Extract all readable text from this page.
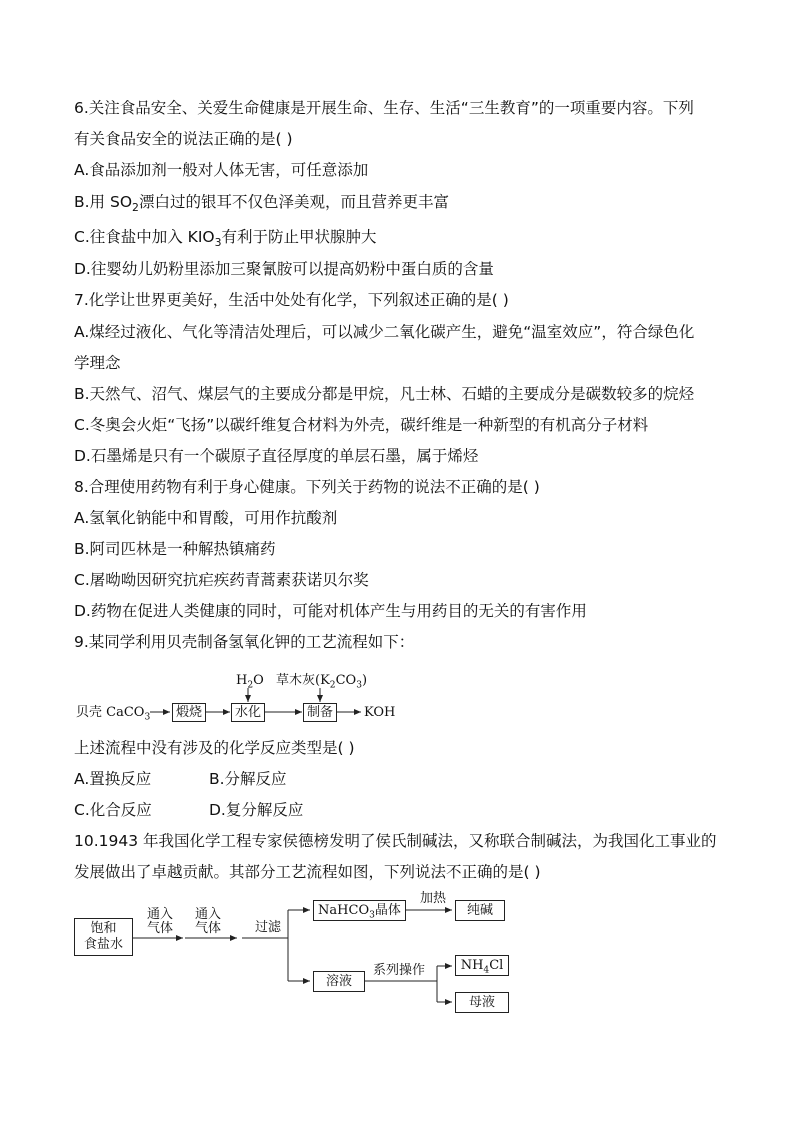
6.关注食品安全、关爱生命健康是开展生命、生存、生活“三生教育”的一项重要内容。下列
有关食品安全的说法正确的是( )
A.食品添加剂一般对人体无害，可任意添加
B.用 $SO_2$漂白过的银耳不仅色泽美观，而且营养更丰富
C.往食盐中加入 $KIO_3$有利于防止甲状腺肿大
D.往婴幼儿奶粉里添加三聚氰胺可以提高奶粉中蛋白质的含量
7.化学让世界更美好，生活中处处有化学，下列叙述正确的是( )
A.煤经过液化、气化等清洁处理后，可以减少二氧化碳产生，避免“温室效应”，符合绿色化
学理念
B.天然气、沼气、煤层气的主要成分都是甲烷，凡士林、石蜡的主要成分是碳数较多的烷烃
C.冬奥会火炬“飞扬”以碳纤维复合材料为外壳，碳纤维是一种新型的有机高分子材料
D.石墨烯是只有一个碳原子直径厚度的单层石墨，属于烯烃
8.合理使用药物有利于身心健康。下列关于药物的说法不正确的是( )
A.氢氧化钠能中和胃酸，可用作抗酸剂
B.阿司匹林是一种解热镇痛药
C.屠呦呦因研究抗疟疾药青蒿素获诺贝尔奖
D.药物在促进人类健康的同时，可能对机体产生与用药目的无关的有害作用
9.某同学利用贝壳制备氢氧化钾的工艺流程如下：
贝壳 CaCO$_3$	煅烧	水化	制备	KOH
$H_2O$ 草木灰$(K_2CO_3)$
上述流程中没有涉及的化学反应类型是( )
A.置换反应	B.分解反应
C.化合反应	D.复分解反应
10.1943 年我国化学工程专家侯德榜发明了侯氏制碱法，又称联合制碱法，为我国化工事业的
发展做出了卓越贡献。其部分工艺流程如图，下列说法不正确的是( )
饱和
食盐水
通入
气体
通入
气体	过滤
NaHCO$_3$晶体
加热
纯碱
溶液
系列操作	$NH_4Cl$
母液
